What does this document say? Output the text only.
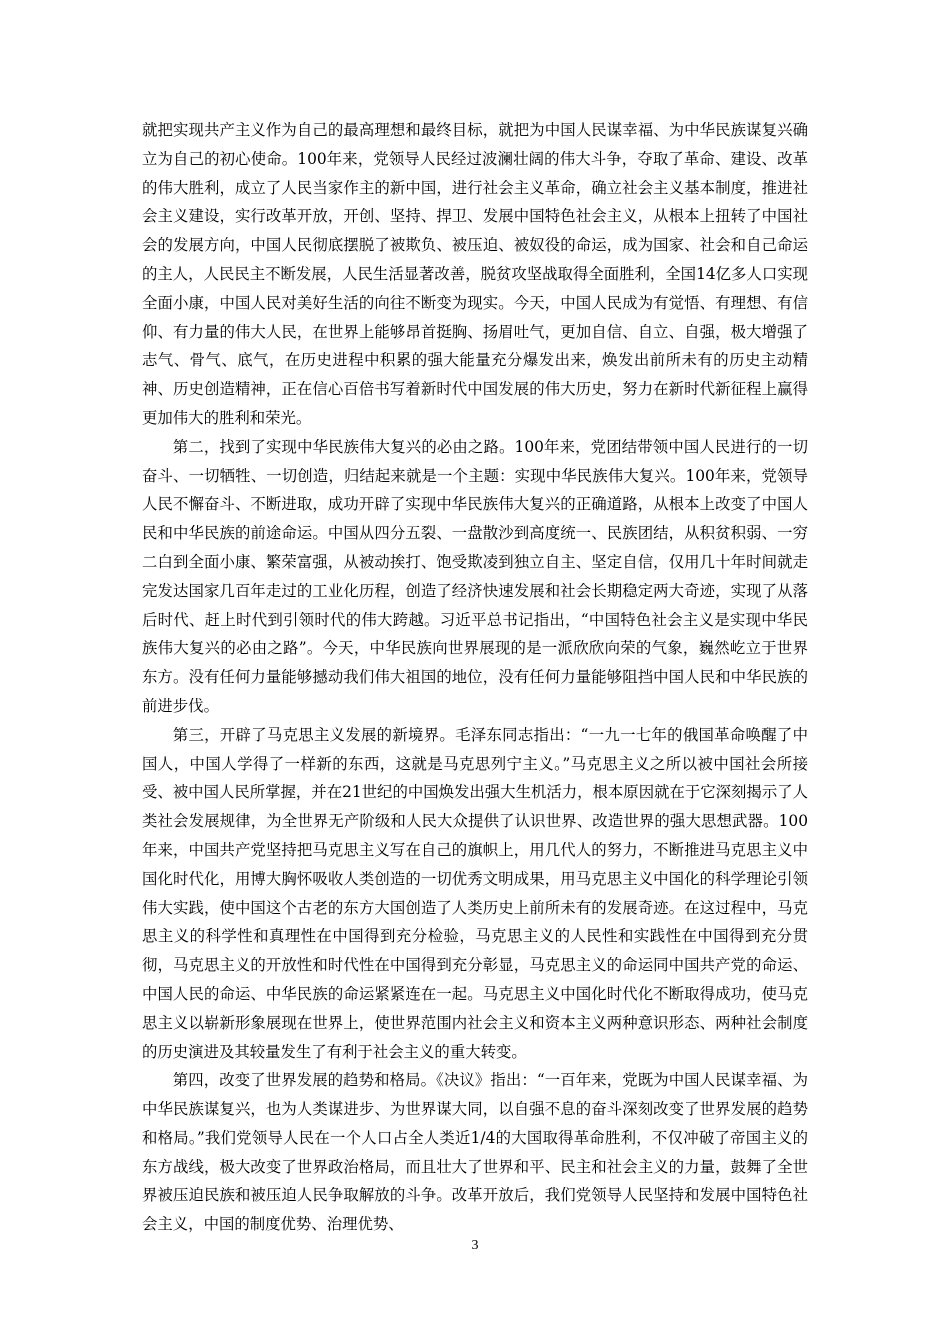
就把实现共产主义作为自己的最高理想和最终目标，就把为中国人民谋幸福、为中华民族谋复兴确立为自己的初心使命。100年来，党领导人民经过波澜壮阔的伟大斗争，夺取了革命、建设、改革的伟大胜利，成立了人民当家作主的新中国，进行社会主义革命，确立社会主义基本制度，推进社会主义建设，实行改革开放，开创、坚持、捍卫、发展中国特色社会主义，从根本上扭转了中国社会的发展方向，中国人民彻底摆脱了被欺负、被压迫、被奴役的命运，成为国家、社会和自己命运的主人，人民民主不断发展，人民生活显著改善，脱贫攻坚战取得全面胜利，全国14亿多人口实现全面小康，中国人民对美好生活的向往不断变为现实。今天，中国人民成为有觉悟、有理想、有信仰、有力量的伟大人民，在世界上能够昂首挺胸、扬眉吐气，更加自信、自立、自强，极大增强了志气、骨气、底气，在历史进程中积累的强大能量充分爆发出来，焕发出前所未有的历史主动精神、历史创造精神，正在信心百倍书写着新时代中国发展的伟大历史，努力在新时代新征程上赢得更加伟大的胜利和荣光。

第二，找到了实现中华民族伟大复兴的必由之路。100年来，党团结带领中国人民进行的一切奋斗、一切牺牲、一切创造，归结起来就是一个主题：实现中华民族伟大复兴。100年来，党领导人民不懈奋斗、不断进取，成功开辟了实现中华民族伟大复兴的正确道路，从根本上改变了中国人民和中华民族的前途命运。中国从四分五裂、一盘散沙到高度统一、民族团结，从积贫积弱、一穷二白到全面小康、繁荣富强，从被动挨打、饱受欺凌到独立自主、坚定自信，仅用几十年时间就走完发达国家几百年走过的工业化历程，创造了经济快速发展和社会长期稳定两大奇迹，实现了从落后时代、赶上时代到引领时代的伟大跨越。习近平总书记指出，“中国特色社会主义是实现中华民族伟大复兴的必由之路”。今天，中华民族向世界展现的是一派欣欣向荣的气象，巍然屹立于世界东方。没有任何力量能够撼动我们伟大祖国的地位，没有任何力量能够阻挡中国人民和中华民族的前进步伐。

第三，开辟了马克思主义发展的新境界。毛泽东同志指出：“一九一七年的俄国革命唤醒了中国人，中国人学得了一样新的东西，这就是马克思列宁主义。”马克思主义之所以被中国社会所接受、被中国人民所掌握，并在21世纪的中国焕发出强大生机活力，根本原因就在于它深刻揭示了人类社会发展规律，为全世界无产阶级和人民大众提供了认识世界、改造世界的强大思想武器。100年来，中国共产党坚持把马克思主义写在自己的旗帜上，用几代人的努力，不断推进马克思主义中国化时代化，用博大胸怀吸收人类创造的一切优秀文明成果，用马克思主义中国化的科学理论引领伟大实践，使中国这个古老的东方大国创造了人类历史上前所未有的发展奇迹。在这过程中，马克思主义的科学性和真理性在中国得到充分检验，马克思主义的人民性和实践性在中国得到充分贯彻，马克思主义的开放性和时代性在中国得到充分彰显，马克思主义的命运同中国共产党的命运、中国人民的命运、中华民族的命运紧紧连在一起。马克思主义中国化时代化不断取得成功，使马克思主义以崭新形象展现在世界上，使世界范围内社会主义和资本主义两种意识形态、两种社会制度的历史演进及其较量发生了有利于社会主义的重大转变。

第四，改变了世界发展的趋势和格局。《决议》指出：“一百年来，党既为中国人民谋幸福、为中华民族谋复兴，也为人类谋进步、为世界谋大同，以自强不息的奋斗深刻改变了世界发展的趋势和格局。”我们党领导人民在一个人口占全人类近1/4的大国取得革命胜利，不仅冲破了帝国主义的东方战线，极大改变了世界政治格局，而且壮大了世界和平、民主和社会主义的力量，鼓舞了全世界被压迫民族和被压迫人民争取解放的斗争。改革开放后，我们党领导人民坚持和发展中国特色社会主义，中国的制度优势、治理优势、

3
